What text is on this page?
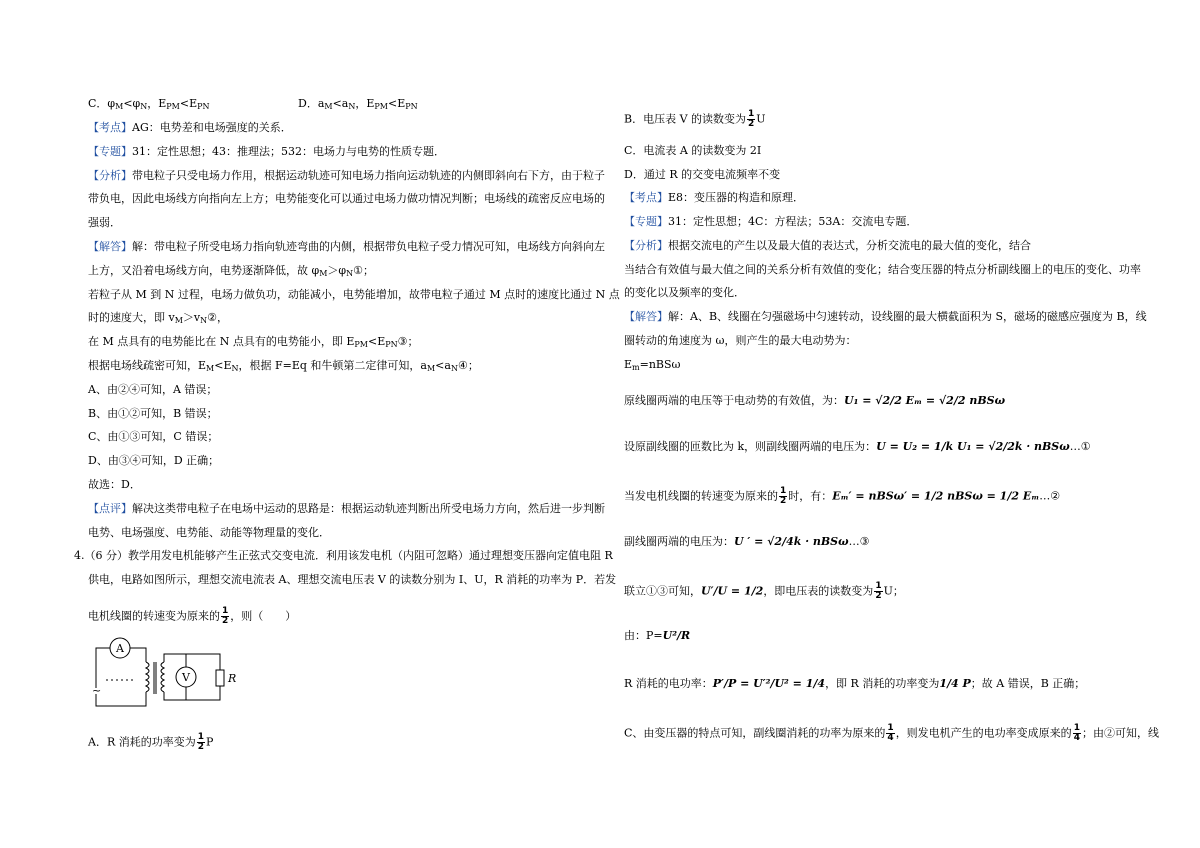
C．$\varphi_M<\varphi_N$，$E_{PM}<E_{PN}$	D．$a_M<a_N$，$E_{PM}<E_{PN}$
【考点】AG：电势差和电场强度的关系．
【专题】31：定性思想；43：推理法；532：电场力与电势的性质专题．
【分析】带电粒子只受电场力作用，根据运动轨迹可知电场力指向运动轨迹的内侧即斜向右下方，由于粒子
带负电，因此电场线方向指向左上方；电势能变化可以通过电场力做功情况判断；电场线的疏密反应电场的
强弱．
【解答】解：带电粒子所受电场力指向轨迹弯曲的内侧，根据带负电粒子受力情况可知，电场线方向斜向左
上方，又沿着电场线方向，电势逐渐降低，故 $\varphi_M>\varphi_N①$；
若粒子从 M 到 N 过程，电场力做负功，动能减小，电势能增加，故带电粒子通过 M 点时的速度比通过 N 点
时的速度大，即 $v_M>v_N②$，
在 M 点具有的电势能比在 N 点具有的电势能小，即 $E_{PM}<E_{PN}③$；
根据电场线疏密可知，$E_M<E_N$，根据 F=Eq 和牛顿第二定律可知，$a_M<a_N④$；
A、由②④可知，A 错误；
B、由①②可知，B 错误；
C、由①③可知，C 错误；
D、由③④可知，D 正确；
故选：D．
【点评】解决这类带电粒子在电场中运动的思路是：根据运动轨迹判断出所受电场力方向，然后进一步判断
电势、电场强度、电势能、动能等物理量的变化．
4.（6 分）教学用发电机能够产生正弦式交变电流．利用该发电机（内阻可忽略）通过理想变压器向定值电阻 R
供电，电路如图所示，理想交流电流表 A、理想交流电压表 V 的读数分别为 I、U，R 消耗的功率为 P．若发
电机线圈的转速变为原来的 $\frac{1}{2}$ ，则（　　）
A．R 消耗的功率变为 $\frac{1}{2}$ P
A
V	R
~
B．电压表 V 的读数变为 $\frac{1}{2}$ U
C．电流表 A 的读数变为 2I
D．通过 R 的交变电流频率不变
【考点】E8：变压器的构造和原理．
【专题】31：定性思想；4C：方程法；53A：交流电专题．
【分析】根据交流电的产生以及最大值的表达式，分析交流电的最大值的变化，结合
当结合有效值与最大值之间的关系分析有效值的变化；结合变压器的特点分析副线圈上的电压的变化、功率
的变化以及频率的变化．
【解答】解：A、B、线圈在匀强磁场中匀速转动，设线圈的最大横截面积为 S，磁场的磁感应强度为 B，线
圈转动的角速度为 ω，则产生的最大电动势为：
$E_m=nBS\omega$
原线圈两端的电压等于电动势的有效值，为：U₁ = √2/2 Eₘ = √2/2 nBSω
设原副线圈的匝数比为 k，则副线圈两端的电压为：U = U₂ = 1/k U₁ = √2/2k · nBSω…①
当发电机线圈的转速变为原来的 $\frac{1}{2}$ 时，有：Eₘ′ = nBSω′ = 1/2 nBSω = 1/2 Eₘ…②
副线圈两端的电压为：U ′ = √2/4k · nBSω…③
联立①③可知，U′/U = 1/2，即电压表的读数变为 $\frac{1}{2}$ U；
由：P=U²/R
R 消耗的电功率：P′/P = U′²/U² = 1/4，即 R 消耗的功率变为1/4 P；故 A 错误，B 正确；
C、由变压器的特点可知，副线圈消耗的功率为原来的 $\frac{1}{4}$ ，则发电机产生的电功率变成原来的 $\frac{1}{4}$ ；由②可知，线
